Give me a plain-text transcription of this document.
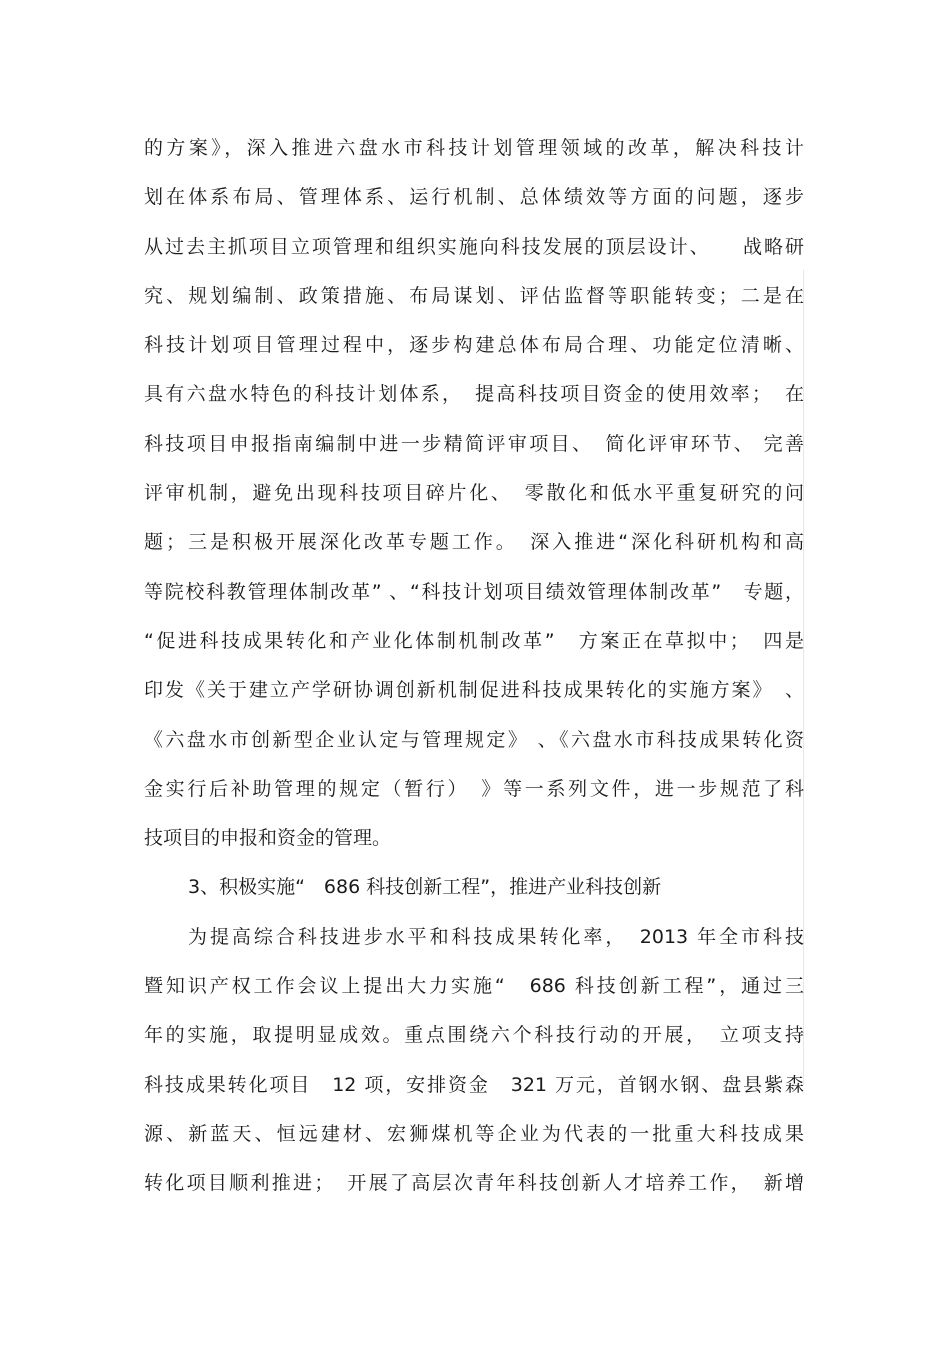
的方案》，深入推进六盘水市科技计划管理领域的改革，解决科技计
划在体系布局、管理体系、运行机制、总体绩效等方面的问题，逐步
从过去主抓项目立项管理和组织实施向科技发展的顶层设计、　　战略研
究、规划编制、政策措施、布局谋划、评估监督等职能转变；二是在
科技计划项目管理过程中，逐步构建总体布局合理、功能定位清晰、
具有六盘水特色的科技计划体系，　提高科技项目资金的使用效率；　在
科技项目申报指南编制中进一步精简评审项目、　简化评审环节、 完善
评审机制，避免出现科技项目碎片化、　零散化和低水平重复研究的问
题；三是积极开展深化改革专题工作。　深入推进“深化科研机构和高
等院校科教管理体制改革” 、“科技计划项目绩效管理体制改革”　专题，
“促进科技成果转化和产业化体制机制改革”　方案正在草拟中；　四是
印发《关于建立产学研协调创新机制促进科技成果转化的实施方案》　、
《六盘水市创新型企业认定与管理规定》 、《六盘水市科技成果转化资
金实行后补助管理的规定（暂行）　》等一系列文件，进一步规范了科
技项目的申报和资金的管理。
3、积极实施“　686 科技创新工程”，推进产业科技创新
为提高综合科技进步水平和科技成果转化率，　2013 年全市科技
暨知识产权工作会议上提出大力实施“　686 科技创新工程”，通过三
年的实施，取提明显成效。重点围绕六个科技行动的开展，　立项支持
科技成果转化项目　12 项，安排资金　321 万元，首钢水钢、盘县紫森
源、新蓝天、恒远建材、宏狮煤机等企业为代表的一批重大科技成果
转化项目顺利推进；　开展了高层次青年科技创新人才培养工作，　新增
